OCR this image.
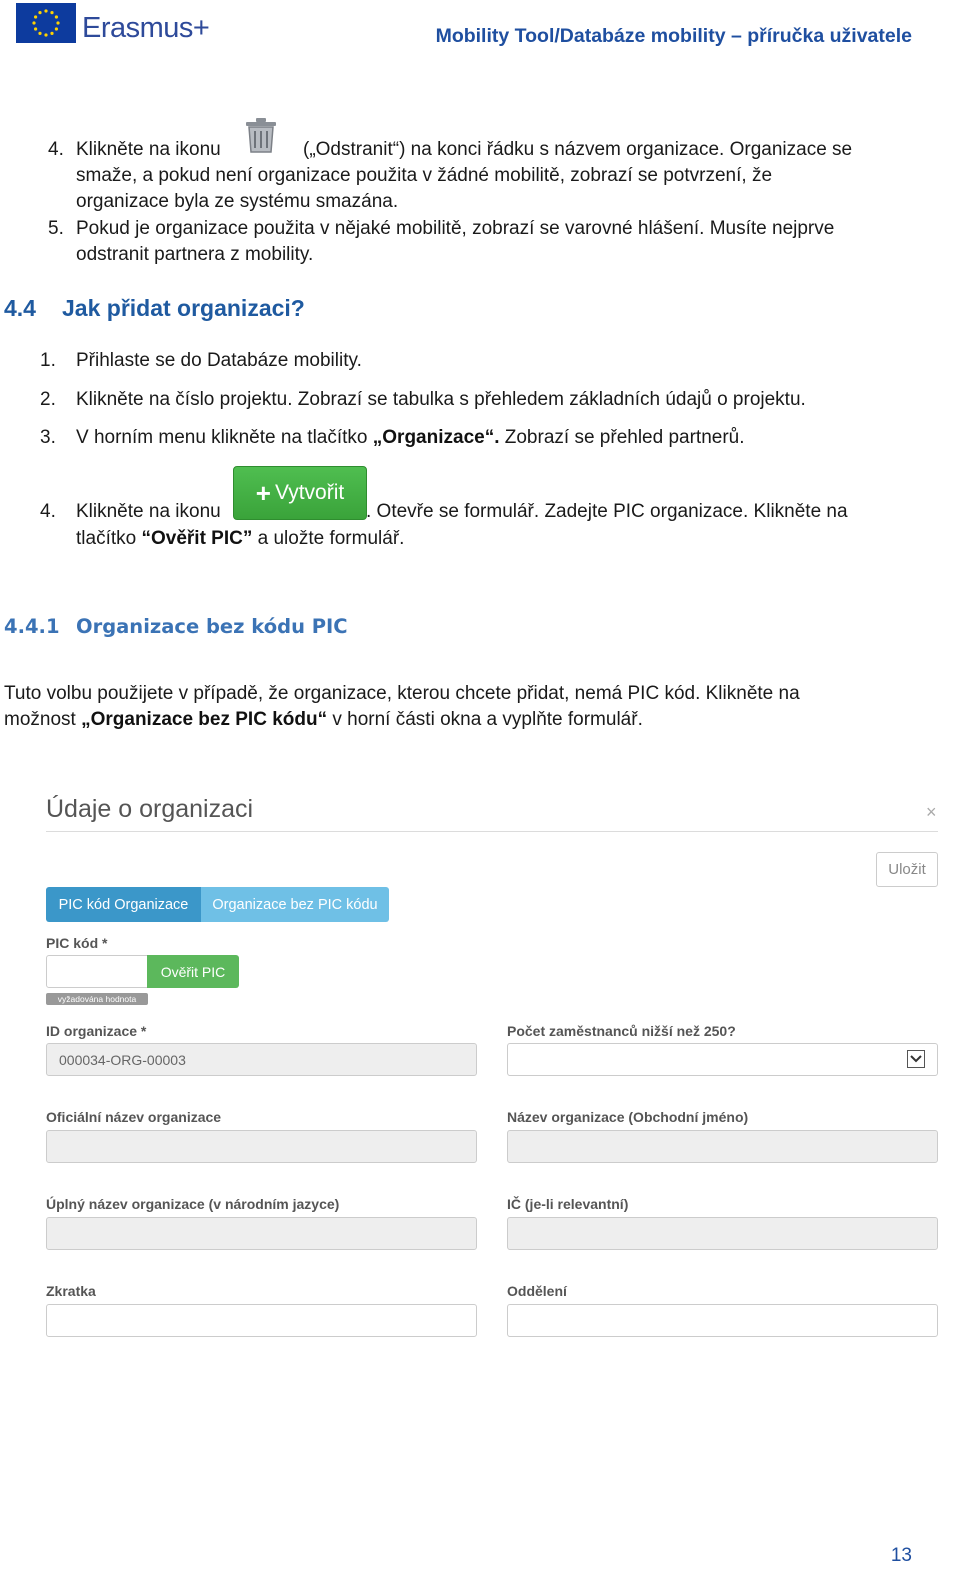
Erasmus+	Mobility Tool/Databáze mobility – příručka uživatele
4. Klikněte na ikonu	(„Odstranit“) na konci řádku s názvem organizace. Organizace se
smaže, a pokud není organizace použita v žádné mobilitě, zobrazí se potvrzení, že
organizace byla ze systému smazána.
5. Pokud je organizace použita v nějaké mobilitě, zobrazí se varovné hlášení. Musíte nejprve
odstranit partnera z mobility.
4.4 Jak přidat organizaci?
1. Přihlaste se do Databáze mobility.
2. Klikněte na číslo projektu. Zobrazí se tabulka s přehledem základních údajů o projektu.
3. V horním menu klikněte na tlačítko „Organizace“. Zobrazí se přehled partnerů.
4. Klikněte na ikonu
+ Vytvořit
. Otevře se formulář. Zadejte PIC organizace. Klikněte na
tlačítko “Ověřit PIC” a uložte formulář.
4.4.1 Organizace bez kódu PIC
Tuto volbu použijete v případě, že organizace, kterou chcete přidat, nemá PIC kód. Klikněte na
možnost „Organizace bez PIC kódu“ v horní části okna a vyplňte formulář.
Údaje o organizaci	×
Uložit
PIC kód Organizace	Organizace bez PIC kódu
PIC kód *
Ověřit PIC
vyžadována hodnota
ID organizace *
000034-ORG-00003
Počet zaměstnanců nižší než 250?
Oficiální název organizace	Název organizace (Obchodní jméno)
Úplný název organizace (v národním jazyce)	IČ (je-li relevantní)
Zkratka	Oddělení
13
